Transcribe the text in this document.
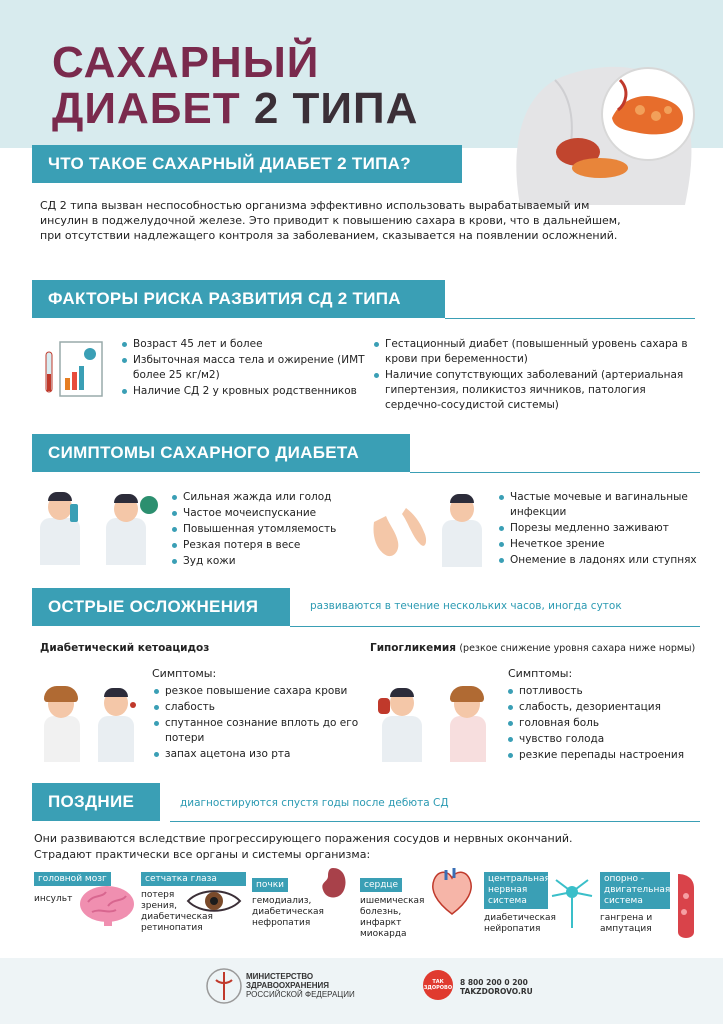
САХАРНЫЙ
ДИАБЕТ 2 ТИПА
ЧТО ТАКОЕ САХАРНЫЙ ДИАБЕТ 2 ТИПА?
СД 2 типа вызван неспособностью организма эффективно использовать вырабатываемый им инсулин в поджелудочной железе. Это приводит к повышению сахара в крови, что в дальнейшем, при отсутствии надлежащего контроля за заболеванием, сказывается на появлении осложнений.
ФАКТОРЫ РИСКА РАЗВИТИЯ СД 2 ТИПА
Возраст 45 лет и более
Избыточная масса тела и ожирение (ИМТ более 25 кг/м2)
Наличие СД 2 у кровных родственников
Гестационный диабет (повышенный уровень сахара в крови при беременности)
Наличие сопутствующих заболеваний (артериальная гипертензия, поликистоз яичников, патология сердечно-сосудистой системы)
СИМПТОМЫ САХАРНОГО ДИАБЕТА
Сильная жажда или голод
Частое мочеиспускание
Повышенная утомляемость
Резкая потеря в весе
Зуд кожи
Частые мочевые и вагинальные инфекции
Порезы медленно заживают
Нечеткое зрение
Онемение в ладонях или ступнях
ОСТРЫЕ ОСЛОЖНЕНИЯ	развиваются в течение нескольких часов, иногда суток
Диабетический кетоацидоз	Гипогликемия (резкое снижение уровня сахара ниже нормы)
Симптомы:	Симптомы:
резкое повышение сахара крови
слабость
спутанное сознание вплоть до его потери
запах ацетона изо рта
потливость
слабость, дезориентация
головная боль
чувство голода
резкие перепады настроения
ПОЗДНИЕ	диагностируются спустя годы после дебюта СД
Они развиваются вследствие прогрессирующего поражения сосудов и нервных окончаний.
Страдают практически все органы и системы организма:
головной мозг
инсульт
сетчатка глаза
потеря зрения, диабетическая ретинопатия
почки
гемодиализ, диабетическая нефропатия
сердце
ишемическая болезнь, инфаркт миокарда
центральная нервная система
диабетическая нейропатия
опорно - двигательная система
гангрена и ампутация
МИНИСТЕРСТВО
ЗДРАВООХРАНЕНИЯ
РОССИЙСКОЙ ФЕДЕРАЦИИ
ТАК ЗДОРОВО
8 800 200 0 200
TAKZDOROVO.RU
